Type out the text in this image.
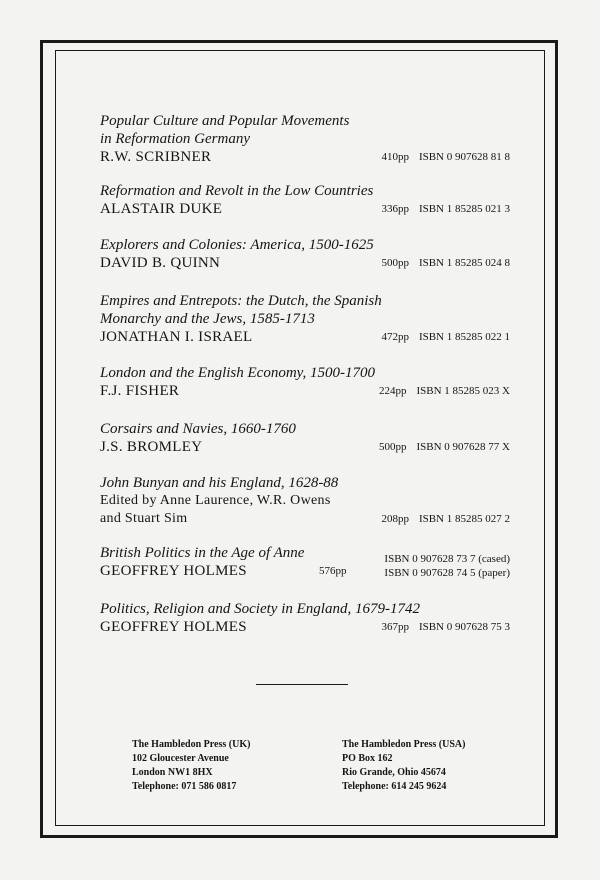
Popular Culture and Popular Movements
in Reformation Germany
R.W. SCRIBNER	410pp ISBN 0 907628 81 8
Reformation and Revolt in the Low Countries
ALASTAIR DUKE	336pp ISBN 1 85285 021 3
Explorers and Colonies: America, 1500-1625
DAVID B. QUINN	500pp ISBN 1 85285 024 8
Empires and Entrepots: the Dutch, the Spanish
Monarchy and the Jews, 1585-1713
JONATHAN I. ISRAEL	472pp ISBN 1 85285 022 1
London and the English Economy, 1500-1700
F.J. FISHER	224pp ISBN 1 85285 023 X
Corsairs and Navies, 1660-1760
J.S. BROMLEY	500pp ISBN 0 907628 77 X
John Bunyan and his England, 1628-88
Edited by Anne Laurence, W.R. Owens
and Stuart Sim	208pp ISBN 1 85285 027 2
British Politics in the Age of Anne
GEOFFREY HOLMES	576pp
ISBN 0 907628 73 7 (cased)
ISBN 0 907628 74 5 (paper)
Politics, Religion and Society in England, 1679-1742
GEOFFREY HOLMES	367pp ISBN 0 907628 75 3
The Hambledon Press (UK)
102 Gloucester Avenue
London NW1 8HX
Telephone: 071 586 0817
The Hambledon Press (USA)
PO Box 162
Rio Grande, Ohio 45674
Telephone: 614 245 9624
